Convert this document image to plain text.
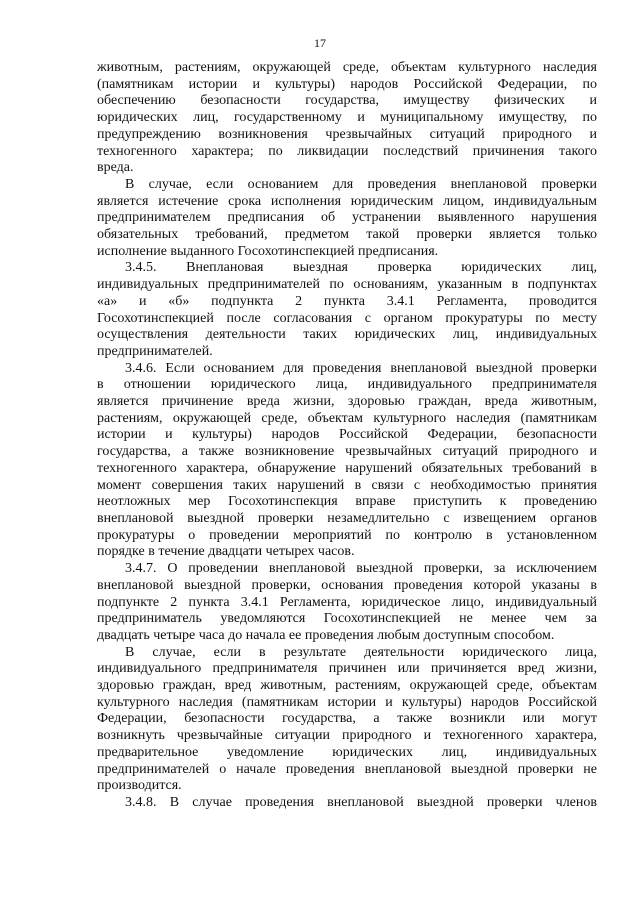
17
животным, растениям, окружающей среде, объектам культурного наследия
(памятникам истории и культуры) народов Российской Федерации, по
обеспечению безопасности государства, имуществу физических и
юридических лиц, государственному и муниципальному имуществу, по
предупреждению возникновения чрезвычайных ситуаций природного и
техногенного характера; по ликвидации последствий причинения такого
вреда.
В случае, если основанием для проведения внеплановой проверки
является истечение срока исполнения юридическим лицом, индивидуальным
предпринимателем предписания об устранении выявленного нарушения
обязательных требований, предметом такой проверки является только
исполнение выданного Госохотинспекцией предписания.
3.4.5. Внеплановая выездная проверка юридических лиц,
индивидуальных предпринимателей по основаниям, указанным в подпунктах
«а» и «б» подпункта 2 пункта 3.4.1 Регламента, проводится
Госохотинспекцией после согласования с органом прокуратуры по месту
осуществления деятельности таких юридических лиц, индивидуальных
предпринимателей.
3.4.6. Если основанием для проведения внеплановой выездной проверки
в отношении юридического лица, индивидуального предпринимателя
является причинение вреда жизни, здоровью граждан, вреда животным,
растениям, окружающей среде, объектам культурного наследия (памятникам
истории и культуры) народов Российской Федерации, безопасности
государства, а также возникновение чрезвычайных ситуаций природного и
техногенного характера, обнаружение нарушений обязательных требований в
момент совершения таких нарушений в связи с необходимостью принятия
неотложных мер Госохотинспекция вправе приступить к проведению
внеплановой выездной проверки незамедлительно с извещением органов
прокуратуры о проведении мероприятий по контролю в установленном
порядке в течение двадцати четырех часов.
3.4.7. О проведении внеплановой выездной проверки, за исключением
внеплановой выездной проверки, основания проведения которой указаны в
подпункте 2 пункта 3.4.1 Регламента, юридическое лицо, индивидуальный
предприниматель уведомляются Госохотинспекцией не менее чем за
двадцать четыре часа до начала ее проведения любым доступным способом.
В случае, если в результате деятельности юридического лица,
индивидуального предпринимателя причинен или причиняется вред жизни,
здоровью граждан, вред животным, растениям, окружающей среде, объектам
культурного наследия (памятникам истории и культуры) народов Российской
Федерации, безопасности государства, а также возникли или могут
возникнуть чрезвычайные ситуации природного и техногенного характера,
предварительное уведомление юридических лиц, индивидуальных
предпринимателей о начале проведения внеплановой выездной проверки не
производится.
3.4.8. В случае проведения внеплановой выездной проверки членов
